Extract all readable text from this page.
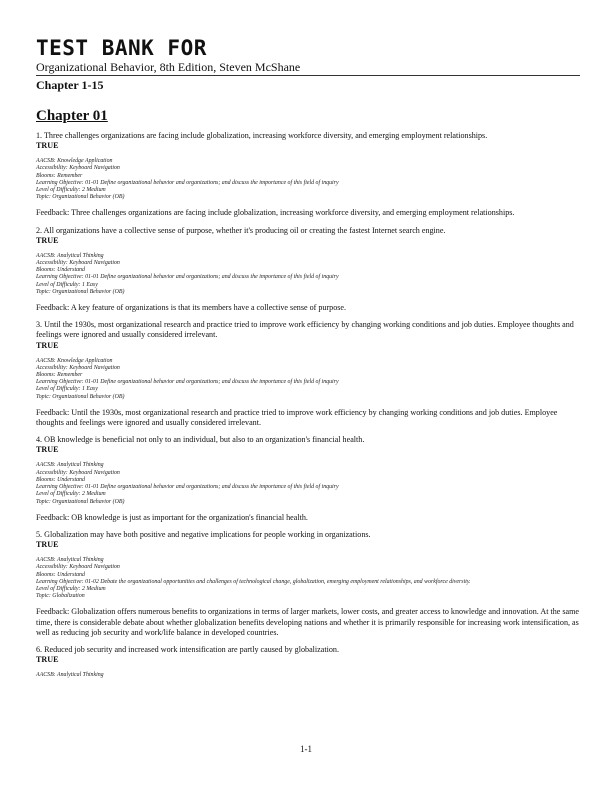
TEST BANK FOR
Organizational Behavior, 8th Edition, Steven McShane
Chapter 1-15
Chapter 01
1. Three challenges organizations are facing include globalization, increasing workforce diversity, and emerging employment relationships.
TRUE
AACSB: Knowledge Application
Accessibility: Keyboard Navigation
Blooms: Remember
Learning Objective: 01-01 Define organizational behavior and organizations; and discuss the importance of this field of inquiry
Level of Difficulty: 2 Medium
Topic: Organizational Behavior (OB)
Feedback: Three challenges organizations are facing include globalization, increasing workforce diversity, and emerging employment relationships.
2. All organizations have a collective sense of purpose, whether it's producing oil or creating the fastest Internet search engine.
TRUE
AACSB: Analytical Thinking
Accessibility: Keyboard Navigation
Blooms: Understand
Learning Objective: 01-01 Define organizational behavior and organizations; and discuss the importance of this field of inquiry
Level of Difficulty: 1 Easy
Topic: Organizational Behavior (OB)
Feedback: A key feature of organizations is that its members have a collective sense of purpose.
3. Until the 1930s, most organizational research and practice tried to improve work efficiency by changing working conditions and job duties. Employee thoughts and feelings were ignored and usually considered irrelevant.
TRUE
AACSB: Knowledge Application
Accessibility: Keyboard Navigation
Blooms: Remember
Learning Objective: 01-01 Define organizational behavior and organizations; and discuss the importance of this field of inquiry
Level of Difficulty: 1 Easy
Topic: Organizational Behavior (OB)
Feedback: Until the 1930s, most organizational research and practice tried to improve work efficiency by changing working conditions and job duties. Employee thoughts and feelings were ignored and usually considered irrelevant.
4. OB knowledge is beneficial not only to an individual, but also to an organization's financial health.
TRUE
AACSB: Analytical Thinking
Accessibility: Keyboard Navigation
Blooms: Understand
Learning Objective: 01-01 Define organizational behavior and organizations; and discuss the importance of this field of inquiry
Level of Difficulty: 2 Medium
Topic: Organizational Behavior (OB)
Feedback: OB knowledge is just as important for the organization's financial health.
5. Globalization may have both positive and negative implications for people working in organizations.
TRUE
AACSB: Analytical Thinking
Accessibility: Keyboard Navigation
Blooms: Understand
Learning Objective: 01-02 Debate the organizational opportunities and challenges of technological change, globalization, emerging employment relationships, and workforce diversity.
Level of Difficulty: 2 Medium
Topic: Globalization
Feedback: Globalization offers numerous benefits to organizations in terms of larger markets, lower costs, and greater access to knowledge and innovation. At the same time, there is considerable debate about whether globalization benefits developing nations and whether it is primarily responsible for increasing work intensification, as well as reducing job security and work/life balance in developed countries.
6. Reduced job security and increased work intensification are partly caused by globalization.
TRUE
AACSB: Analytical Thinking
1-1
